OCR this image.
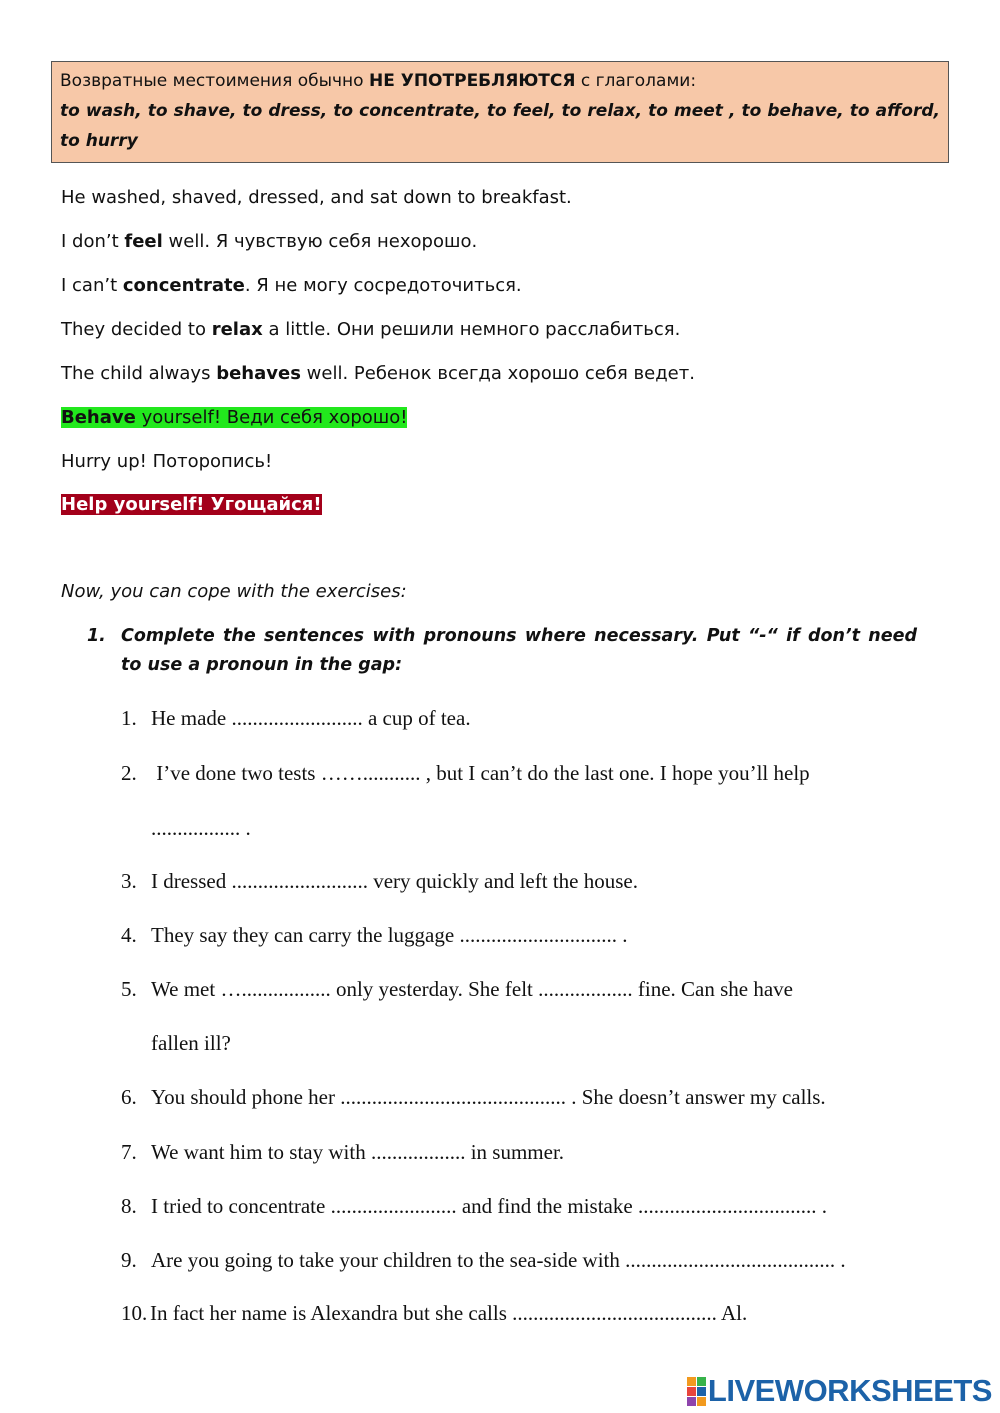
Возвратные местоимения обычно НЕ УПОТРЕБЛЯЮТСЯ с глаголами:
to wash, to shave, to dress, to concentrate, to feel, to relax, to meet , to behave, to afford, to hurry
He washed, shaved, dressed, and sat down to breakfast.
I don’t feel well. Я чувствую себя нехорошо.
I can’t concentrate. Я не могу сосредоточиться.
They decided to relax a little. Они решили немного расслабиться.
The child always behaves well. Ребенок всегда хорошо себя ведет.
Behave yourself! Веди себя хорошо!
Hurry up! Поторопись!
Help yourself! Угощайся!
Now, you can cope with the exercises:
1. Complete the sentences with pronouns where necessary. Put “-“ if don’t need to use a pronoun in the gap:
1. He made ......................... a cup of tea.
2. I’ve done two tests ……........... , but I can’t do the last one. I hope you’ll help
................. .
3. I dressed .......................... very quickly and left the house.
4. They say they can carry the luggage .............................. .
5. We met …................. only yesterday. She felt .................. fine. Can she have
fallen ill?
6. You should phone her ........................................... . She doesn’t answer my calls.
7. We want him to stay with .................. in summer.
8. I tried to concentrate ........................ and find the mistake .................................. .
9. Are you going to take your children to the sea-side with ........................................ .
10. In fact her name is Alexandra but she calls ....................................... Al.
LIVEWORKSHEETS
